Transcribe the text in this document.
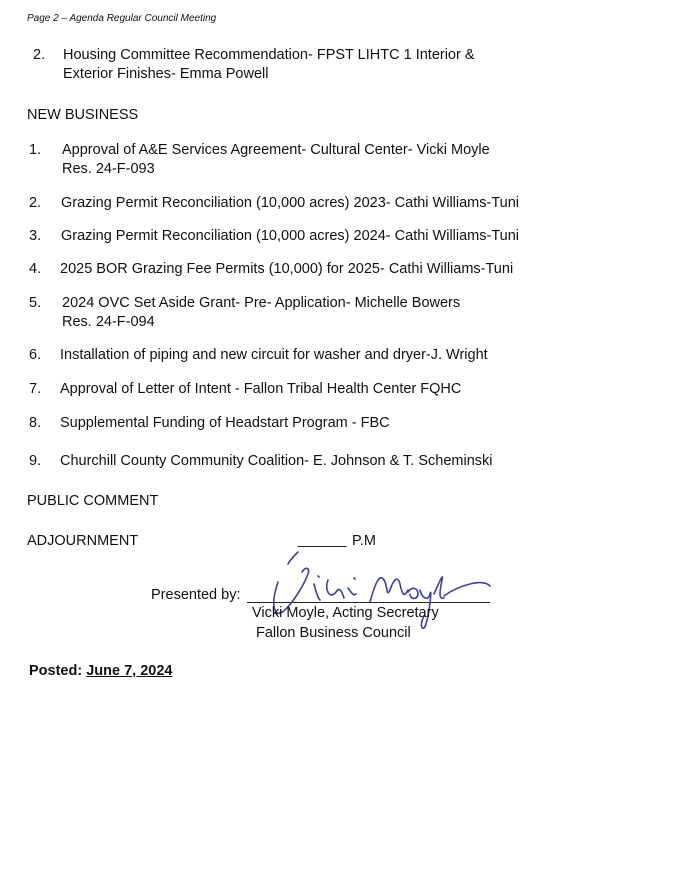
Page 2 – Agenda Regular Council Meeting
2. Housing Committee Recommendation- FPST LIHTC 1 Interior &
Exterior Finishes- Emma Powell
NEW BUSINESS
1. Approval of A&E Services Agreement- Cultural Center- Vicki Moyle
Res. 24-F-093
2. Grazing Permit Reconciliation (10,000 acres) 2023- Cathi Williams-Tuni
3. Grazing Permit Reconciliation (10,000 acres) 2024- Cathi Williams-Tuni
4. 2025 BOR Grazing Fee Permits (10,000) for 2025- Cathi Williams-Tuni
5. 2024 OVC Set Aside Grant- Pre- Application- Michelle Bowers
Res. 24-F-094
6. Installation of piping and new circuit for washer and dryer-J. Wright
7. Approval of Letter of Intent - Fallon Tribal Health Center FQHC
8. Supplemental Funding of Headstart Program - FBC
9. Churchill County Community Coalition- E. Johnson & T. Scheminski
PUBLIC COMMENT
ADJOURNMENT	______ P.M
Presented by:
Vicki Moyle, Acting Secretary
Fallon Business Council
Posted: June 7, 2024
